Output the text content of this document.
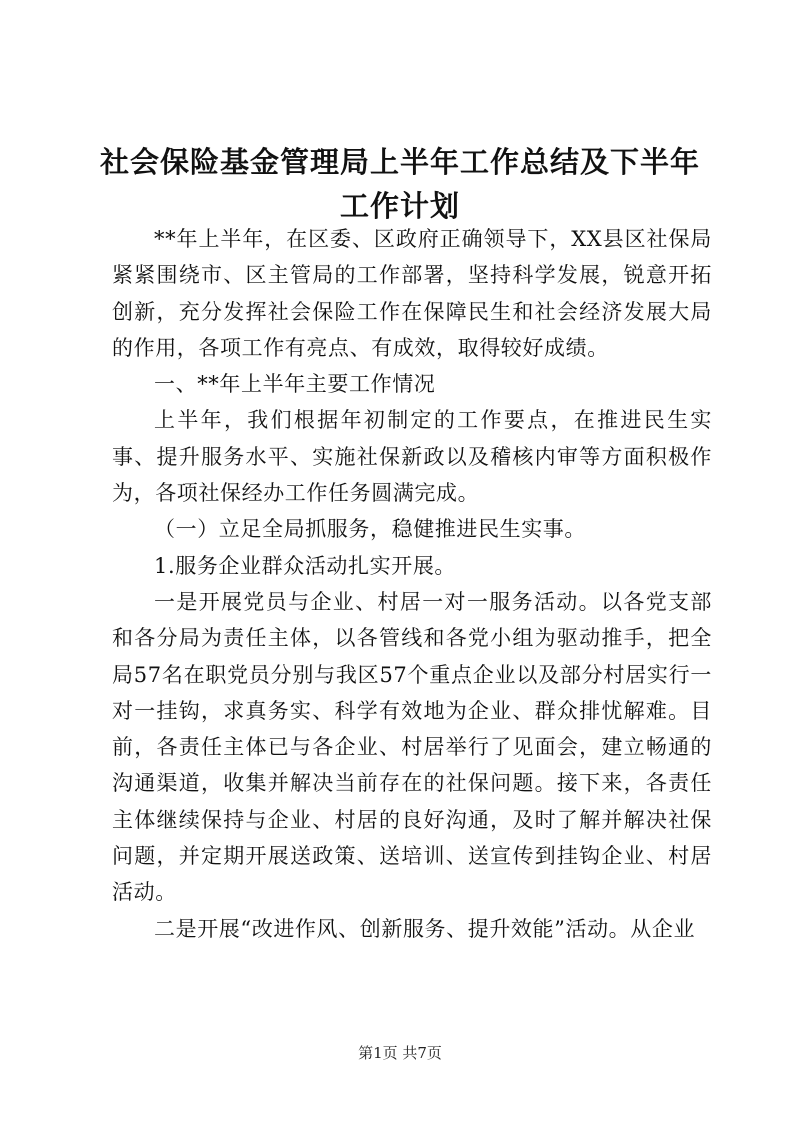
社会保险基金管理局上半年工作总结及下半年
工作计划

**年上半年，在区委、区政府正确领导下，XX县区社保局紧紧围绕市、区主管局的工作部署，坚持科学发展，锐意开拓创新，充分发挥社会保险工作在保障民生和社会经济发展大局的作用，各项工作有亮点、有成效，取得较好成绩。

一、**年上半年主要工作情况

上半年，我们根据年初制定的工作要点，在推进民生实事、提升服务水平、实施社保新政以及稽核内审等方面积极作为，各项社保经办工作任务圆满完成。

（一）立足全局抓服务，稳健推进民生实事。

1.服务企业群众活动扎实开展。

一是开展党员与企业、村居一对一服务活动。以各党支部和各分局为责任主体，以各管线和各党小组为驱动推手，把全局57名在职党员分别与我区57个重点企业以及部分村居实行一对一挂钩，求真务实、科学有效地为企业、群众排忧解难。目前，各责任主体已与各企业、村居举行了见面会，建立畅通的沟通渠道，收集并解决当前存在的社保问题。接下来，各责任主体继续保持与企业、村居的良好沟通，及时了解并解决社保问题，并定期开展送政策、送培训、送宣传到挂钩企业、村居活动。

二是开展“改进作风、创新服务、提升效能”活动。从企业

第1页 共7页
